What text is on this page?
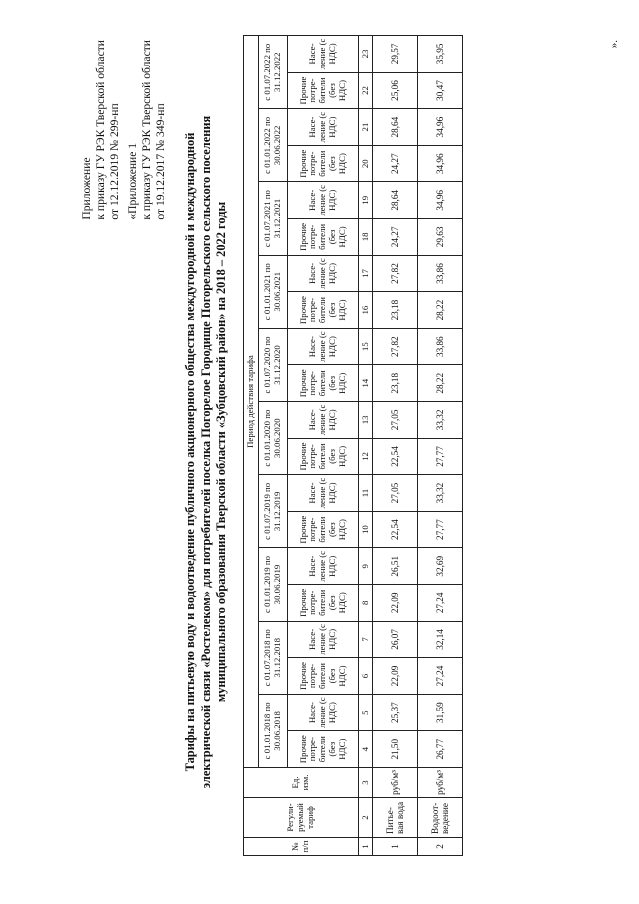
Приложение к приказу ГУ РЭК Тверской области от 12.12.2019 № 299-нп «Приложение 1 к приказу ГУ РЭК Тверской области от 19.12.2017 № 349-нп Тарифы на питьевую воду и водоотведение публичного акционерного общества междугородной и международной электрической связи «Ростелеком» для потребителей поселка Погорелое Городище Погорельского сельского поселения муниципального образования Тверской области «Зубцовский район» на 2018 – 2022 годы
№ п/п	Регули-руемый тариф	Ед. изм.	Период действия тарифа																			
			с 01.01.2018 по 30.06.2018		с 01.07.2018 по 31.12.2018		с 01.01.2019 по 30.06.2019		с 01.07.2019 по 31.12.2019		с 01.01.2020 по 30.06.2020		с 01.07.2020 по 31.12.2020		с 01.01.2021 по 30.06.2021		с 01.07.2021 по 31.12.2021		с 01.01.2022 по 30.06.2022		с 01.07.2022 по 31.12.2022	
			Прочие потре-бители (без НДС)	Насе-ление (с НДС)	Прочие потре-бители (без НДС)	Насе-ление (с НДС)	Прочие потре-бители (без НДС)	Насе-ление (с НДС)	Прочие потре-бители (без НДС)	Насе-ление (с НДС)	Прочие потре-бители (без НДС)	Насе-ление (с НДС)	Прочие потре-бители (без НДС)	Насе-ление (с НДС)	Прочие потре-бители (без НДС)	Насе-ление (с НДС)	Прочие потре-бители (без НДС)	Насе-ление (с НДС)	Прочие потре-бители (без НДС)	Насе-ление (с НДС)	Прочие потре-бители (без НДС)	Насе-ление (с НДС)
1	2	3	4	5	6	7	8	9	10	11	12	13	14	15	16	17	18	19	20	21	22	23
1	Питье-вая вода	руб/м³	21,50	25,37	22,09	26,07	22,09	26,51	22,54	27,05	22,54	27,05	23,18	27,82	23,18	27,82	24,27	28,64	24,27	28,64	25,06	29,57
2	Водоот-ведение	руб/м³	26,77	31,59	27,24	32,14	27,24	32,69	27,77	33,32	27,77	33,32	28,22	33,86	28,22	33,86	29,63	34,96	34,96	34,96	30,47	35,95	».
